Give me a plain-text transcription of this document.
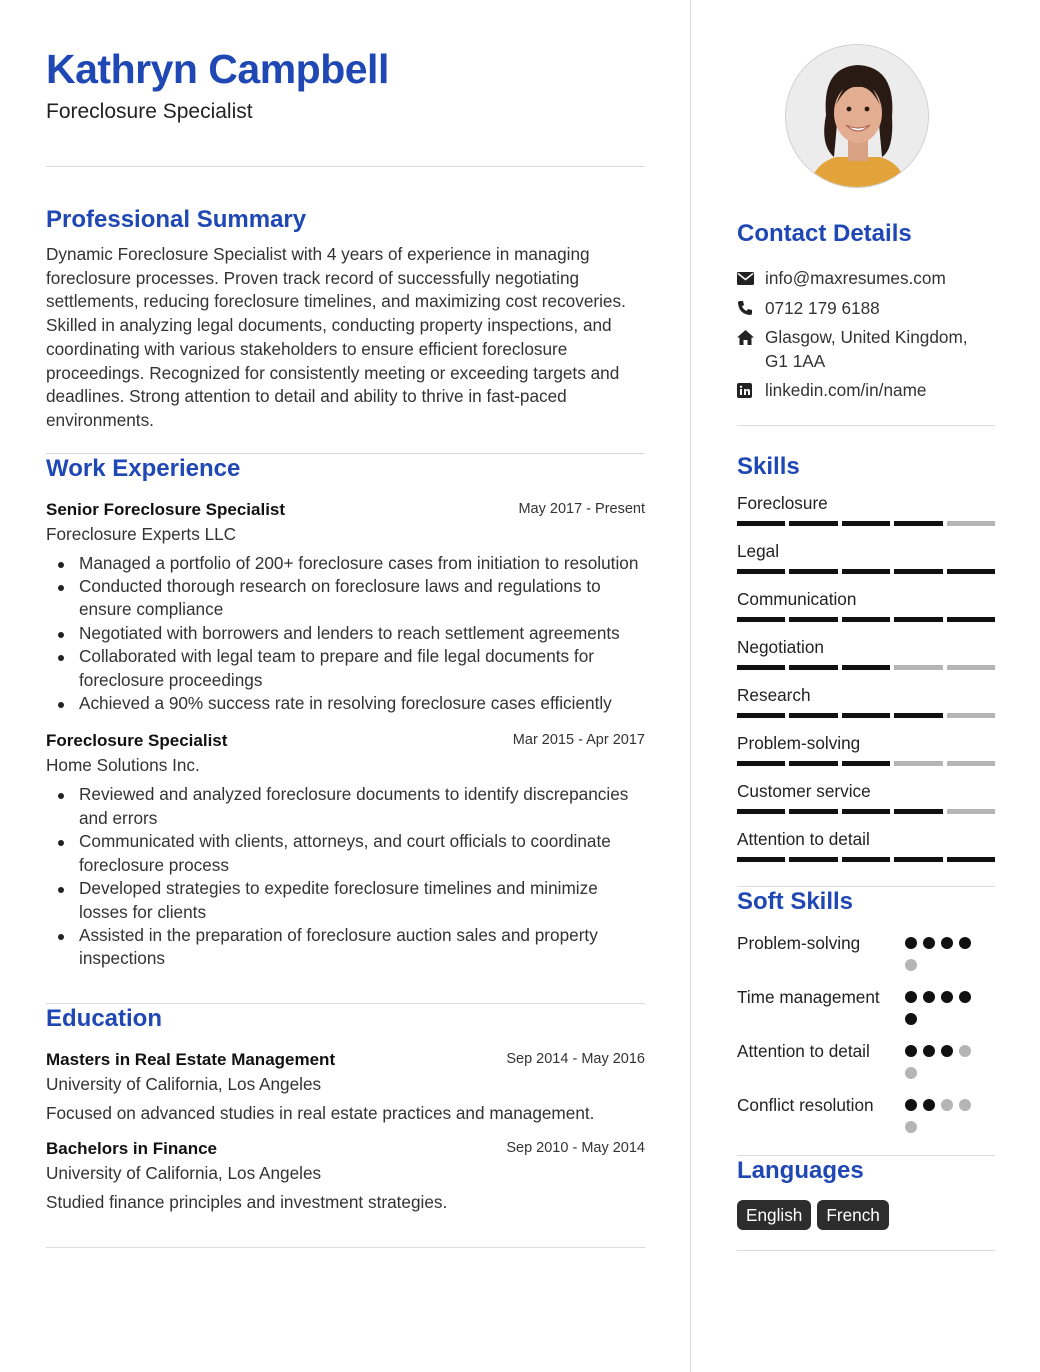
Kathryn Campbell
Foreclosure Specialist
Professional Summary
Dynamic Foreclosure Specialist with 4 years of experience in managing foreclosure processes. Proven track record of successfully negotiating settlements, reducing foreclosure timelines, and maximizing cost recoveries. Skilled in analyzing legal documents, conducting property inspections, and coordinating with various stakeholders to ensure efficient foreclosure proceedings. Recognized for consistently meeting or exceeding targets and deadlines. Strong attention to detail and ability to thrive in fast-paced environments.
Work Experience
Senior Foreclosure Specialist	May 2017 - Present
Foreclosure Experts LLC
Managed a portfolio of 200+ foreclosure cases from initiation to resolution
Conducted thorough research on foreclosure laws and regulations to ensure compliance
Negotiated with borrowers and lenders to reach settlement agreements
Collaborated with legal team to prepare and file legal documents for foreclosure proceedings
Achieved a 90% success rate in resolving foreclosure cases efficiently
Foreclosure Specialist	Mar 2015 - Apr 2017
Home Solutions Inc.
Reviewed and analyzed foreclosure documents to identify discrepancies and errors
Communicated with clients, attorneys, and court officials to coordinate foreclosure process
Developed strategies to expedite foreclosure timelines and minimize losses for clients
Assisted in the preparation of foreclosure auction sales and property inspections
Education
Masters in Real Estate Management	Sep 2014 - May 2016
University of California, Los Angeles
Focused on advanced studies in real estate practices and management.
Bachelors in Finance	Sep 2010 - May 2014
University of California, Los Angeles
Studied finance principles and investment strategies.
Contact Details
info@maxresumes.com
0712 179 6188
Glasgow, United Kingdom, G1 1AA
linkedin.com/in/name
Skills
Foreclosure
Legal
Communication
Negotiation
Research
Problem-solving
Customer service
Attention to detail
Soft Skills
Problem-solving
Time management
Attention to detail
Conflict resolution
Languages
English	French
